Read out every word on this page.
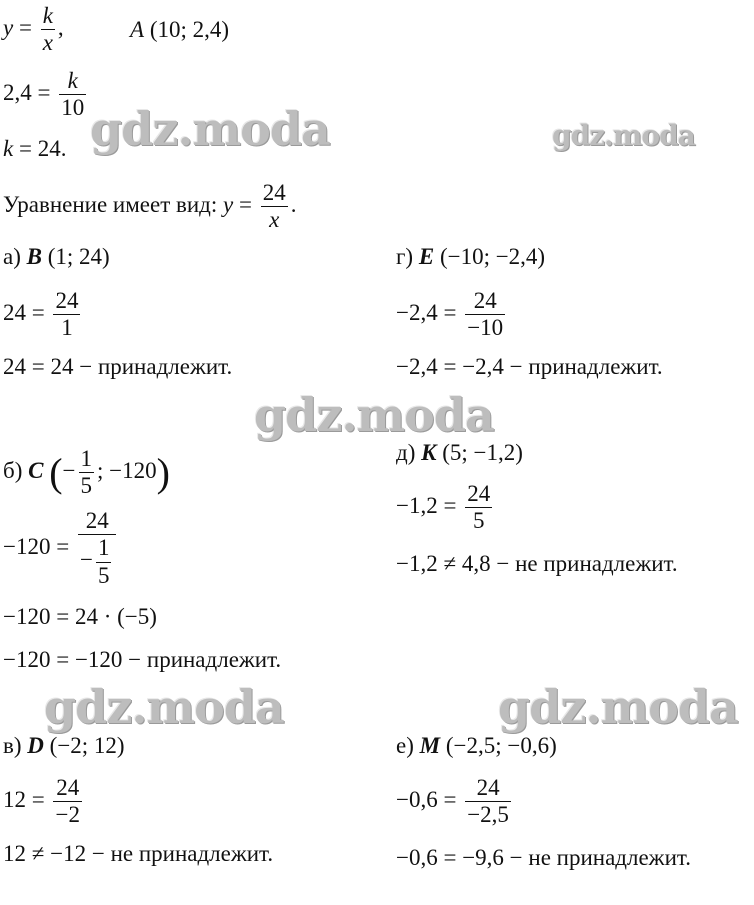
gdz.moda	gdz.moda
gdz.moda
gdz.moda	gdz.moda
$y = \frac{k}{x}$ ,	A (10; 2,4)
$2,4 = \frac{k}{10}$
k = 24.
Уравнение имеет вид: $y = \frac{24}{x}$ .
а) B (1; 24)
$24 = \frac{24}{1}$
24 = 24 − принадлежит.
г) E (−10; −2,4)
$-2,4 = \frac{24}{-10}$
−2,4 = −2,4 − принадлежит.
б) C (− $\frac{1}{5}$ ; −120)
$-120 = \frac{24}{- \frac{1}{5}}$
−120 = 24 · (−5)
−120 = −120 − принадлежит.
д) K (5; −1,2)
$-1,2 = \frac{24}{5}$
−1,2 ≠ 4,8 − не принадлежит.
в) D (−2; 12)
$12 = \frac{24}{-2}$
12 ≠ −12 − не принадлежит.
е) M (−2,5; −0,6)
$-0,6 = \frac{24}{-2,5}$
−0,6 = −9,6 − не принадлежит.
